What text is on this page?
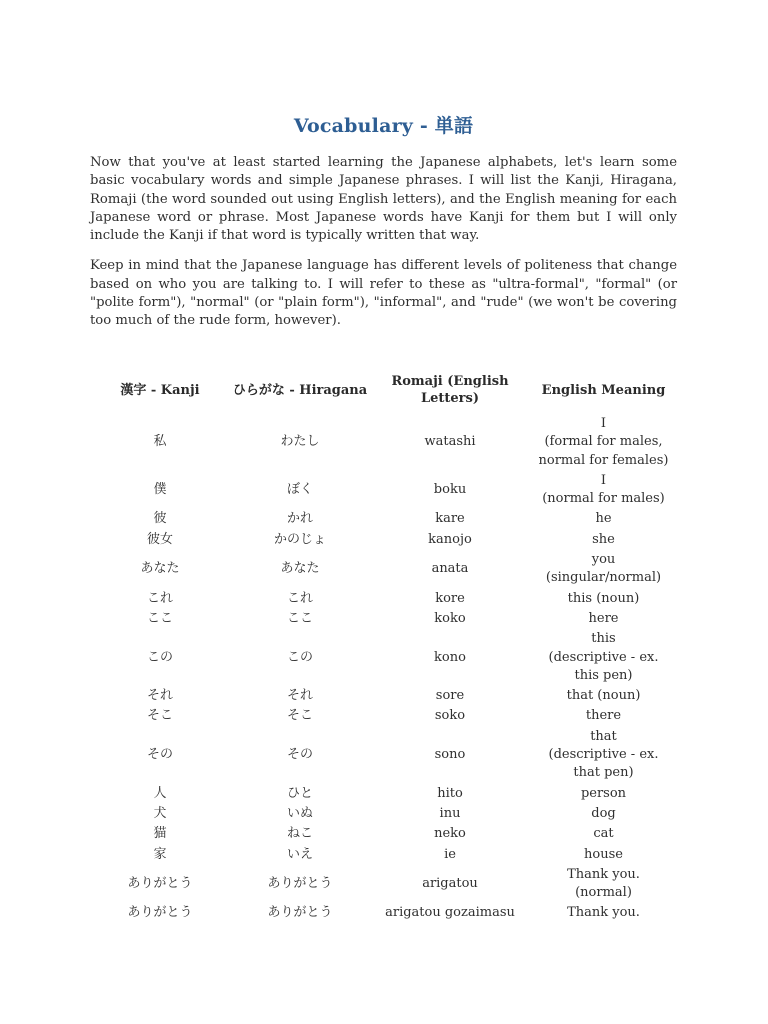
Vocabulary - 単語

Now that you've at least started learning the Japanese alphabets, let's learn some basic vocabulary words and simple Japanese phrases. I will list the Kanji, Hiragana, Romaji (the word sounded out using English letters), and the English meaning for each Japanese word or phrase. Most Japanese words have Kanji for them but I will only include the Kanji if that word is typically written that way.

Keep in mind that the Japanese language has different levels of politeness that change based on who you are talking to. I will refer to these as "ultra-formal", "formal" (or "polite form"), "normal" (or "plain form"), "informal", and "rude" (we won't be covering too much of the rude form, however).

漢字 - Kanji	ひらがな - Hiragana	Romaji (English Letters)	English Meaning
私	わたし	watashi	I
(formal for males,
normal for females)

僕	ぼく	boku	I
(normal for males)

彼	かれ	kare	he

彼女	かのじょ	kanojo	she

あなた	あなた	anata	you
(singular/normal)

これ	これ	kore	this (noun)

ここ	ここ	koko	here

この	この	kono	this
(descriptive - ex.
this pen)

それ	それ	sore	that (noun)

そこ	そこ	soko	there

その	その	sono	that
(descriptive - ex.
that pen)

人	ひと	hito	person

犬	いぬ	inu	dog

猫	ねこ	neko	cat

家	いえ	ie	house

ありがとう	ありがとう	arigatou	Thank you.
(normal)

ありがとう	ありがとう	arigatou gozaimasu	Thank you.
